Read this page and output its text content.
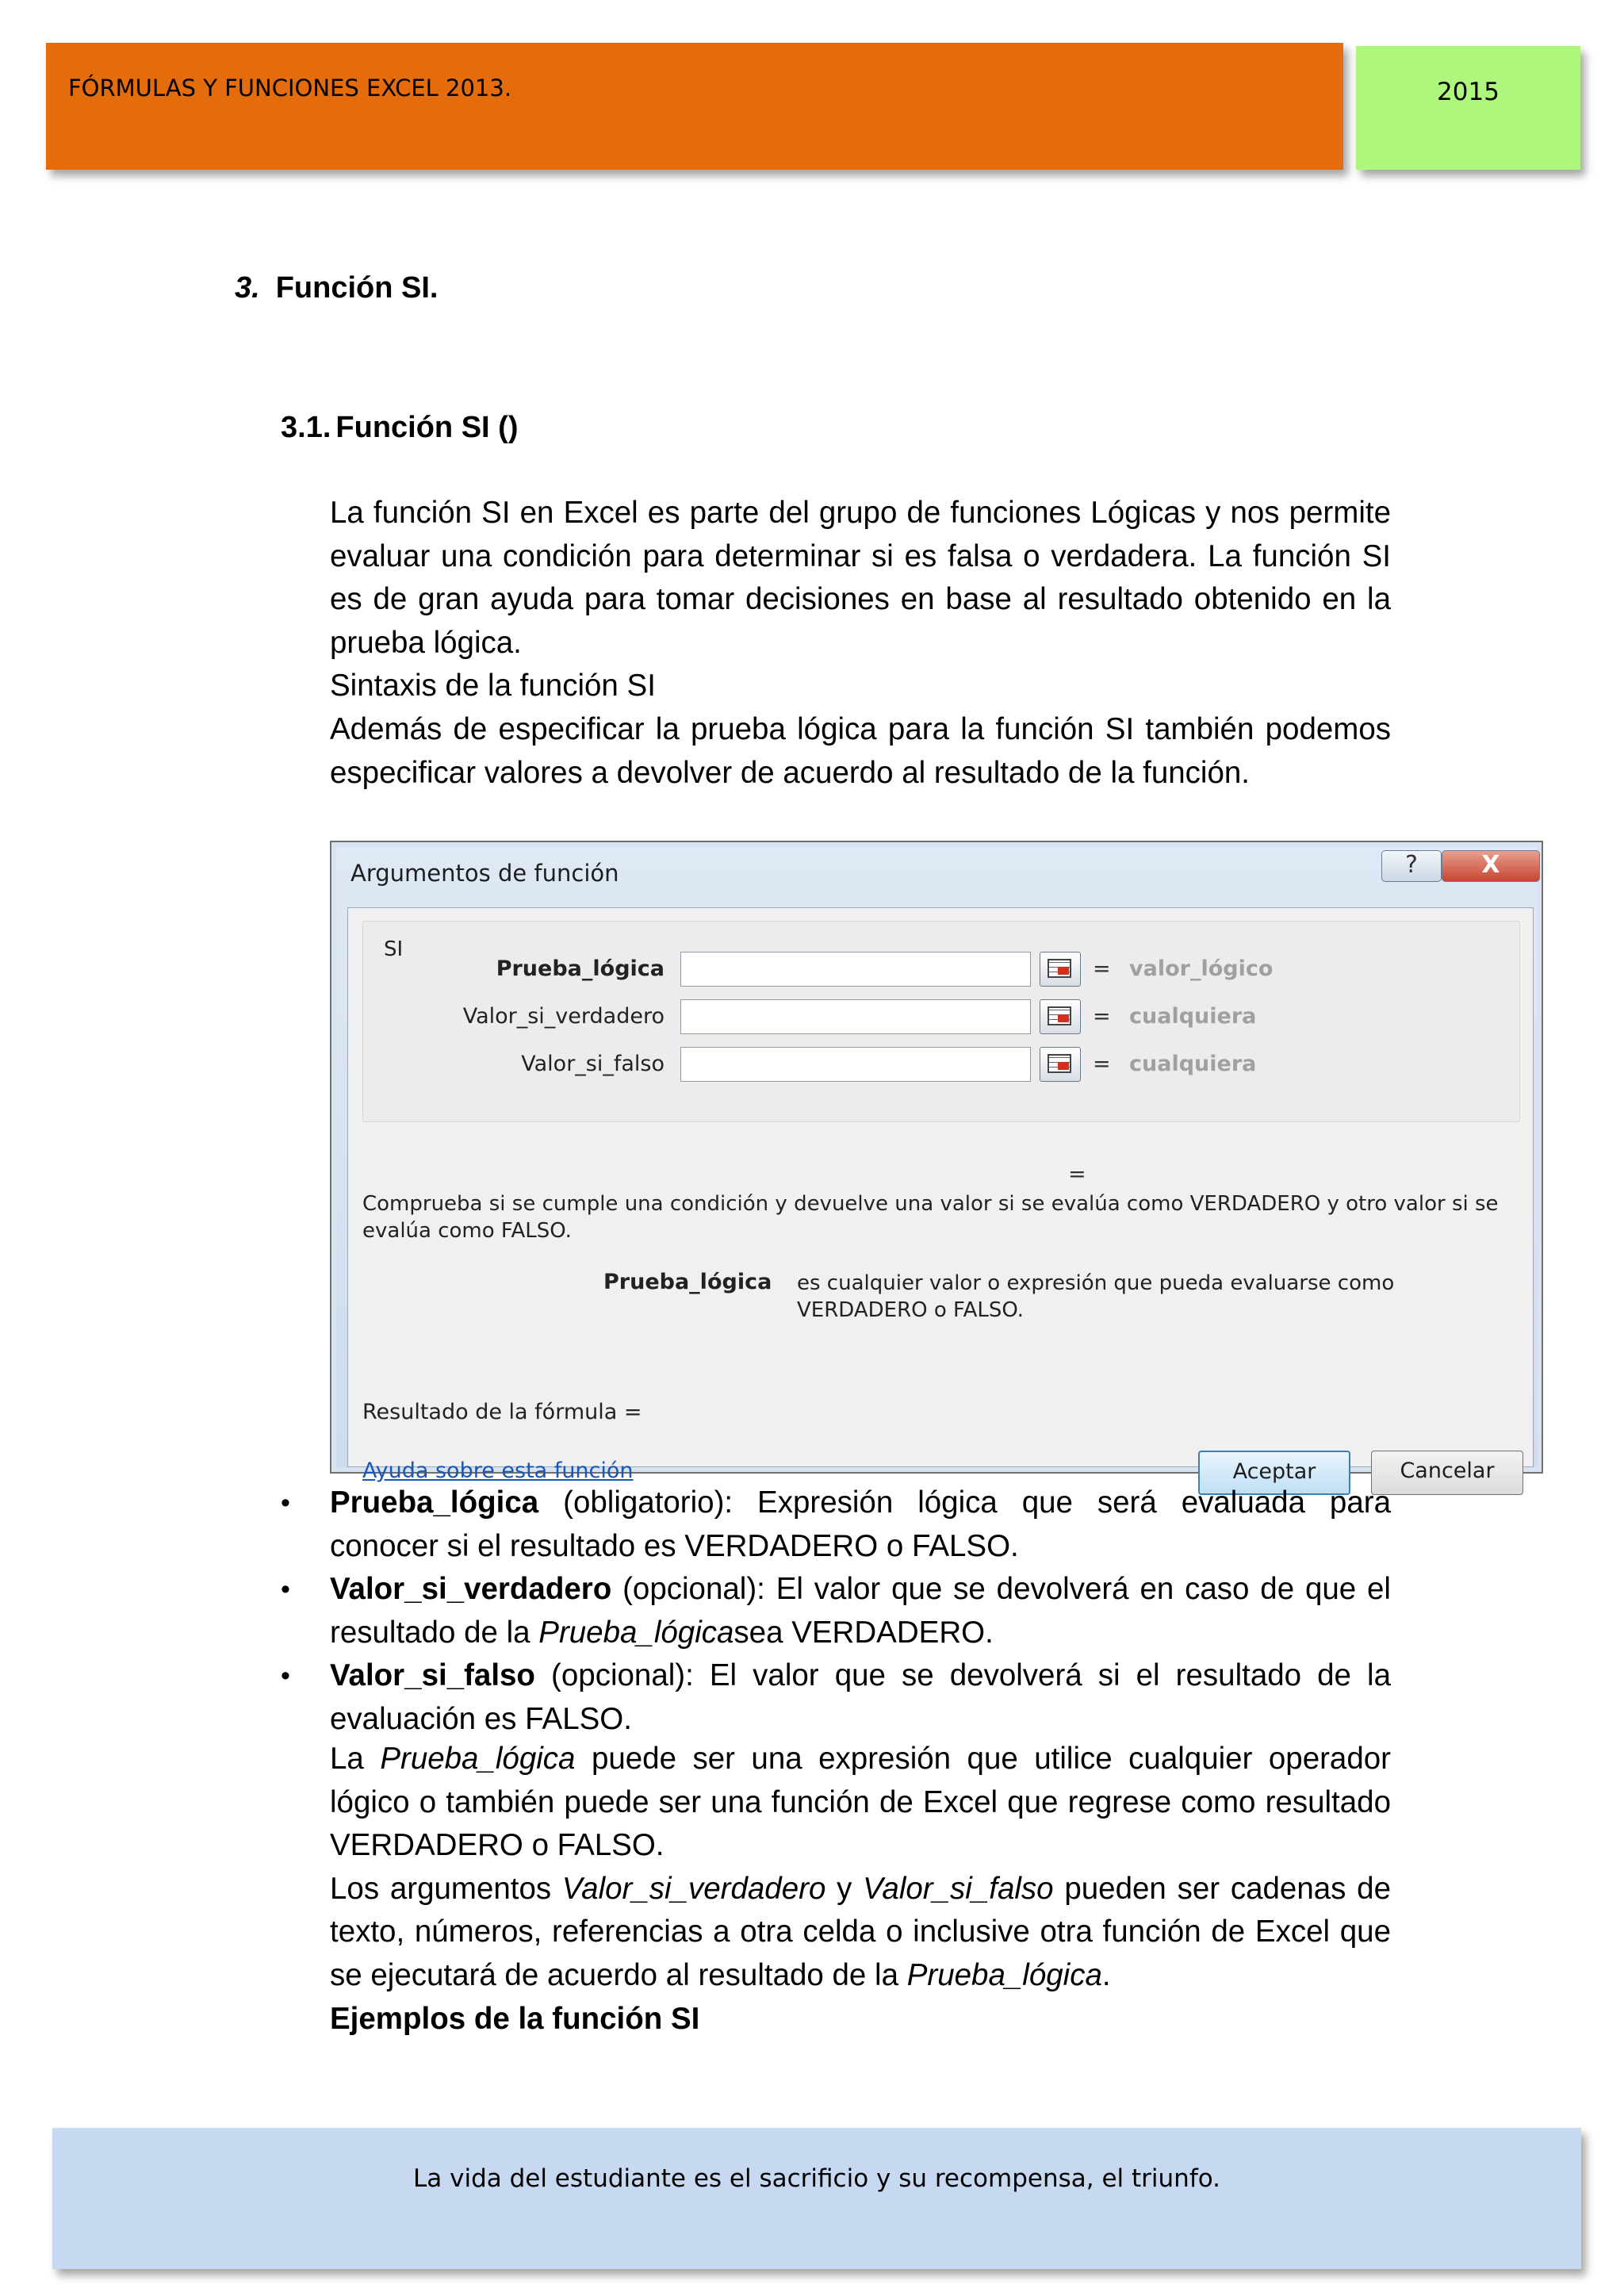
FÓRMULAS Y FUNCIONES EXCEL 2013.	2015
3. Función SI.
3.1. Función SI ()

La función SI en Excel es parte del grupo de funciones Lógicas y nos permite evaluar una condición para determinar si es falsa o verdadera. La función SI es de gran ayuda para tomar decisiones en base al resultado obtenido en la prueba lógica.

Sintaxis de la función SI

Además de especificar la prueba lógica para la función SI también podemos especificar valores a devolver de acuerdo al resultado de la función.

Argumentos de función	?	X
SI
Prueba_lógica	= valor_lógico
Valor_si_verdadero	= cualquiera
Valor_si_falso	= cualquiera
=

Comprueba si se cumple una condición y devuelve una valor si se evalúa como VERDADERO y otro valor si se evalúa como FALSO.

Prueba_lógica es cualquier valor o expresión que pueda evaluarse como VERDADERO o FALSO.

Resultado de la fórmula =
Ayuda sobre esta función	Aceptar	Cancelar
• Prueba_lógica (obligatorio): Expresión lógica que será evaluada para conocer si el resultado es VERDADERO o FALSO.
• Valor_si_verdadero (opcional): El valor que se devolverá en caso de que el resultado de la Prueba_lógicasea VERDADERO.
• Valor_si_falso (opcional): El valor que se devolverá si el resultado de la evaluación es FALSO.

La Prueba_lógica puede ser una expresión que utilice cualquier operador lógico o también puede ser una función de Excel que regrese como resultado VERDADERO o FALSO.

Los argumentos Valor_si_verdadero y Valor_si_falso pueden ser cadenas de texto, números, referencias a otra celda o inclusive otra función de Excel que se ejecutará de acuerdo al resultado de la Prueba_lógica.

Ejemplos de la función SI

La vida del estudiante es el sacrificio y su recompensa, el triunfo.
